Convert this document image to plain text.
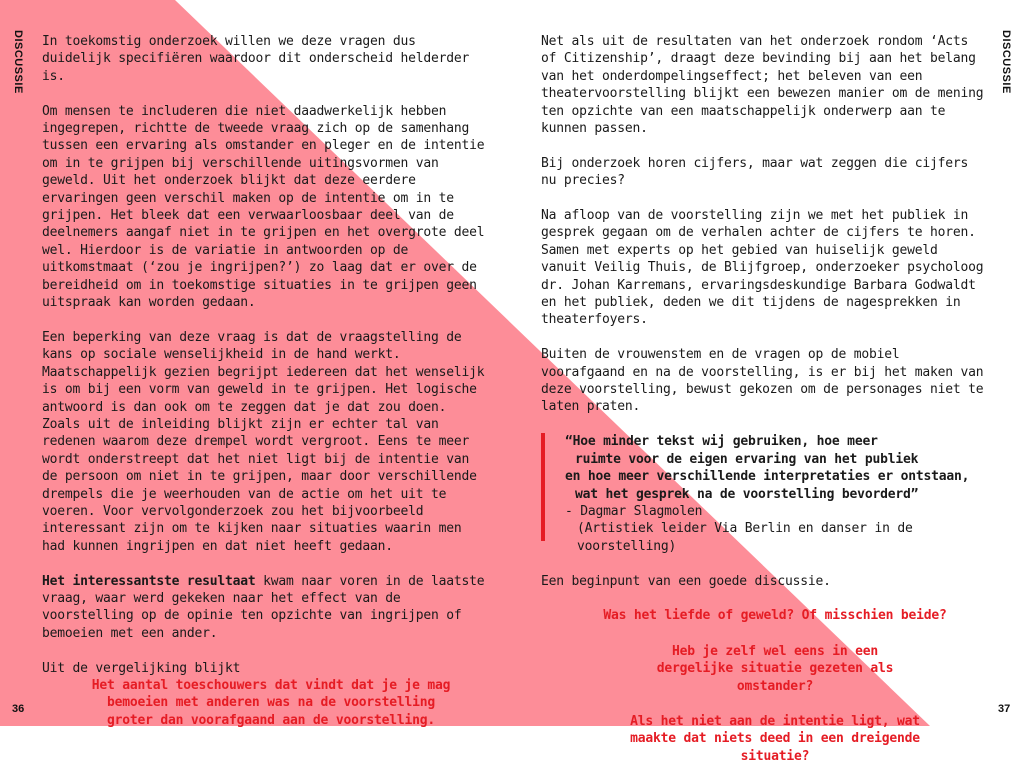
DISCUSSIE
36
DISCUSSIE
37

In toekomstig onderzoek willen we deze vragen dus duidelijk specifiëren waardoor dit onderscheid helderder is.

Om mensen te includeren die niet daadwerkelijk hebben ingegrepen, richtte de tweede vraag zich op de samenhang tussen een ervaring als omstander en pleger en de intentie om in te grijpen bij verschillende uitingsvormen van geweld. Uit het onderzoek blijkt dat deze eerdere ervaringen geen verschil maken op de intentie om in te grijpen. Het bleek dat een verwaarloosbaar deel van de deelnemers aangaf niet in te grijpen en het overgrote deel wel. Hierdoor is de variatie in antwoorden op de uitkomstmaat (‘zou je ingrijpen?’) zo laag dat er over de bereidheid om in toekomstige situaties in te grijpen geen uitspraak kan worden gedaan.

Een beperking van deze vraag is dat de vraagstelling de kans op sociale wenselijkheid in de hand werkt. Maatschappelijk gezien begrijpt iedereen dat het wenselijk is om bij een vorm van geweld in te grijpen. Het logische antwoord is dan ook om te zeggen dat je dat zou doen. Zoals uit de inleiding blijkt zijn er echter tal van redenen waarom deze drempel wordt vergroot. Eens te meer wordt onderstreept dat het niet ligt bij de intentie van de persoon om niet in te grijpen, maar door verschillende drempels die je weerhouden van de actie om het uit te voeren. Voor vervolgonderzoek zou het bijvoorbeeld interessant zijn om te kijken naar situaties waarin men had kunnen ingrijpen en dat niet heeft gedaan.

Het interessantste resultaat kwam naar voren in de laatste vraag, waar werd gekeken naar het effect van de voorstelling op de opinie ten opzichte van ingrijpen of bemoeien met een ander.

Uit de vergelijking blijkt

Het aantal toeschouwers dat vindt dat je je mag bemoeien met anderen was na de voorstelling groter dan voorafgaand aan de voorstelling.

Net als uit de resultaten van het onderzoek rondom ‘Acts of Citizenship’, draagt deze bevinding bij aan het belang van het onderdompelingseffect; het beleven van een theatervoorstelling blijkt een bewezen manier om de mening ten opzichte van een maatschappelijk onderwerp aan te kunnen passen.

Bij onderzoek horen cijfers, maar wat zeggen die cijfers nu precies?

Na afloop van de voorstelling zijn we met het publiek in gesprek gegaan om de verhalen achter de cijfers te horen. Samen met experts op het gebied van huiselijk geweld vanuit Veilig Thuis, de Blijfgroep, onderzoeker psycholoog dr. Johan Karremans, ervaringsdeskundige Barbara Godwaldt en het publiek, deden we dit tijdens de nagesprekken in theaterfoyers.

Buiten de vrouwenstem en de vragen op de mobiel voorafgaand en na de voorstelling, is er bij het maken van deze voorstelling, bewust gekozen om de personages niet te laten praten.

“Hoe minder tekst wij gebruiken, hoe meer
ruimte voor de eigen ervaring van het publiek
en hoe meer verschillende interpretaties er ontstaan,
wat het gesprek na de voorstelling bevorderd”
- Dagmar Slagmolen
(Artistiek leider Via Berlin en danser in de voorstelling)

Een beginpunt van een goede discussie.

Was het liefde of geweld? Of misschien beide?

Heb je zelf wel eens in een dergelijke situatie gezeten als omstander?

Als het niet aan de intentie ligt, wat maakte dat niets deed in een dreigende situatie?
